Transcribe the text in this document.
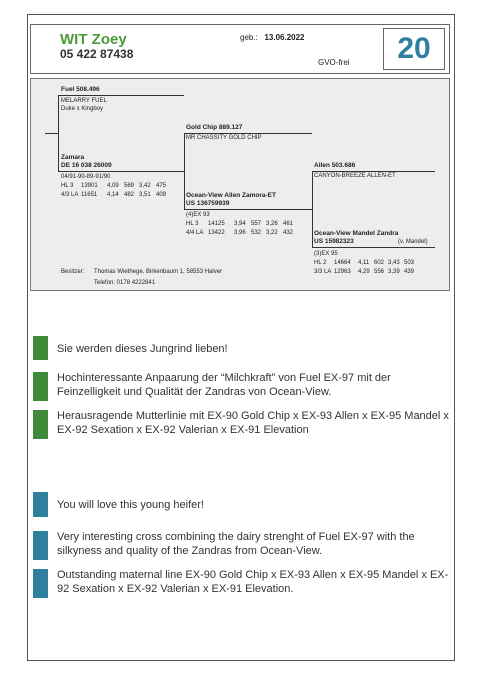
WIT Zoey
05 422 87438
geb.: 13.06.2022
GVO-frei	20
Fuel 508.496
MELARRY FUEL
Duke x Kingboy
Zamara
DE 16 038 26009
04/91-90-89-91/90
HL 3 13901 4,09 569 3,42 475
4/3 LA 11651 4,14 482 3,51 409
Gold Chip 889.127
MR CHASSITY GOLD CHIP
Ocean-View Allen Zamora-ET
US 136759939
(4)EX 93
HL 3 14125 3,94 557 3,26 461
4/4 LA 13422 3,96 532 3,22 432
Allen 503.686
CANYON-BREEZE ALLEN-ET
Ocean-View Mandel Zandra
US 15982323	(v. Mandel)
(3)EX 95
HL 2 14664 4,11 602 3,43 503
3/3 LA 12963 4,29 556 3,39 439
Besitzer: Thomas Wiethege, Birkenbaum 1, 58553 Halver
Telefon: 0178 4222841
Sie werden dieses Jungrind lieben!
Hochinteressante Anpaarung der “Milchkraft” von Fuel EX-97 mit der Feinzelligkeit und Qualität der Zandras von Ocean-View.
Herausragende Mutterlinie mit EX-90 Gold Chip x EX-93 Allen x EX-95 Mandel x EX-92 Sexation x EX-92 Valerian x EX-91 Elevation
You will love this young heifer!
Very interesting cross combining the dairy strenght of Fuel EX-97 with the silkyness and quality of the Zandras from Ocean-View.
Outstanding maternal line EX-90 Gold Chip x EX-93 Allen x EX-95 Mandel x EX-92 Sexation x EX-92 Valerian x EX-91 Elevation.
